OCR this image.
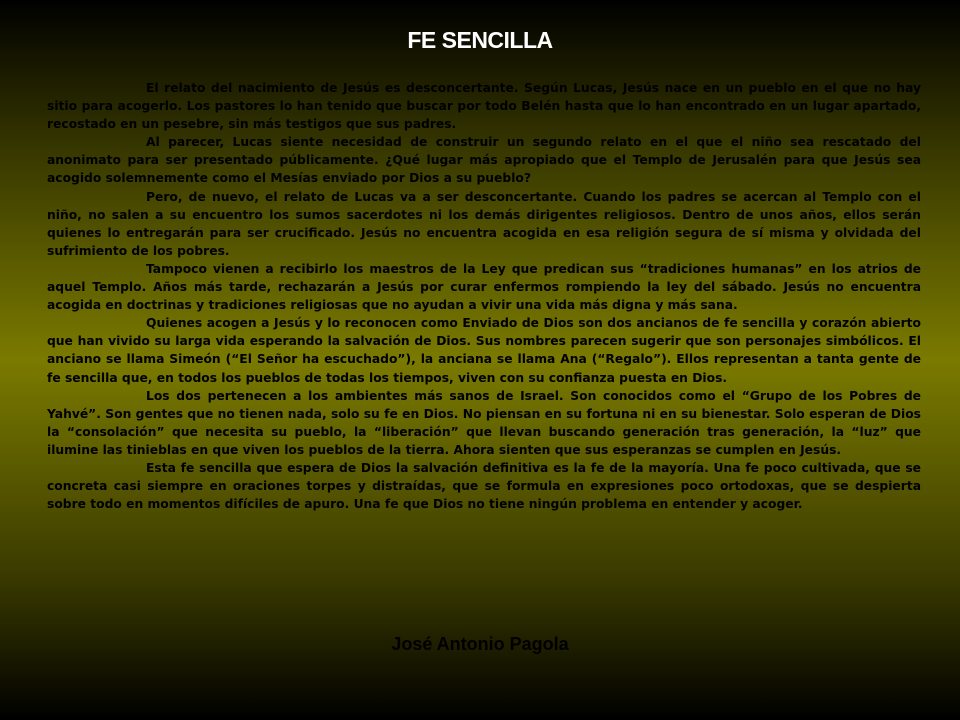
FE SENCILLA

El relato del nacimiento de Jesús es desconcertante. Según Lucas, Jesús nace en un pueblo en el que no hay sitio para acogerlo. Los pastores lo han tenido que buscar por todo Belén hasta que lo han encontrado en un lugar apartado, recostado en un pesebre, sin más testigos que sus padres.

Al parecer, Lucas siente necesidad de construir un segundo relato en el que el niño sea rescatado del anonimato para ser presentado públicamente. ¿Qué lugar más apropiado que el Templo de Jerusalén para que Jesús sea acogido solemnemente como el Mesías enviado por Dios a su pueblo?

Pero, de nuevo, el relato de Lucas va a ser desconcertante. Cuando los padres se acercan al Templo con el niño, no salen a su encuentro los sumos sacerdotes ni los demás dirigentes religiosos. Dentro de unos años, ellos serán quienes lo entregarán para ser crucificado. Jesús no encuentra acogida en esa religión segura de sí misma y olvidada del sufrimiento de los pobres.

Tampoco vienen a recibirlo los maestros de la Ley que predican sus “tradiciones humanas” en los atrios de aquel Templo. Años más tarde, rechazarán a Jesús por curar enfermos rompiendo la ley del sábado. Jesús no encuentra acogida en doctrinas y tradiciones religiosas que no ayudan a vivir una vida más digna y más sana.

Quienes acogen a Jesús y lo reconocen como Enviado de Dios son dos ancianos de fe sencilla y corazón abierto que han vivido su larga vida esperando la salvación de Dios. Sus nombres parecen sugerir que son personajes simbólicos. El anciano se llama Simeón (“El Señor ha escuchado”), la anciana se llama Ana (“Regalo”). Ellos representan a tanta gente de fe sencilla que, en todos los pueblos de todas los tiempos, viven con su confianza puesta en Dios.

Los dos pertenecen a los ambientes más sanos de Israel. Son conocidos como el “Grupo de los Pobres de Yahvé”. Son gentes que no tienen nada, solo su fe en Dios. No piensan en su fortuna ni en su bienestar. Solo esperan de Dios la “consolación” que necesita su pueblo, la “liberación” que llevan buscando generación tras generación, la “luz” que ilumine las tinieblas en que viven los pueblos de la tierra. Ahora sienten que sus esperanzas se cumplen en Jesús.

Esta fe sencilla que espera de Dios la salvación definitiva es la fe de la mayoría. Una fe poco cultivada, que se concreta casi siempre en oraciones torpes y distraídas, que se formula en expresiones poco ortodoxas, que se despierta sobre todo en momentos difíciles de apuro. Una fe que Dios no tiene ningún problema en entender y acoger.

José Antonio Pagola
